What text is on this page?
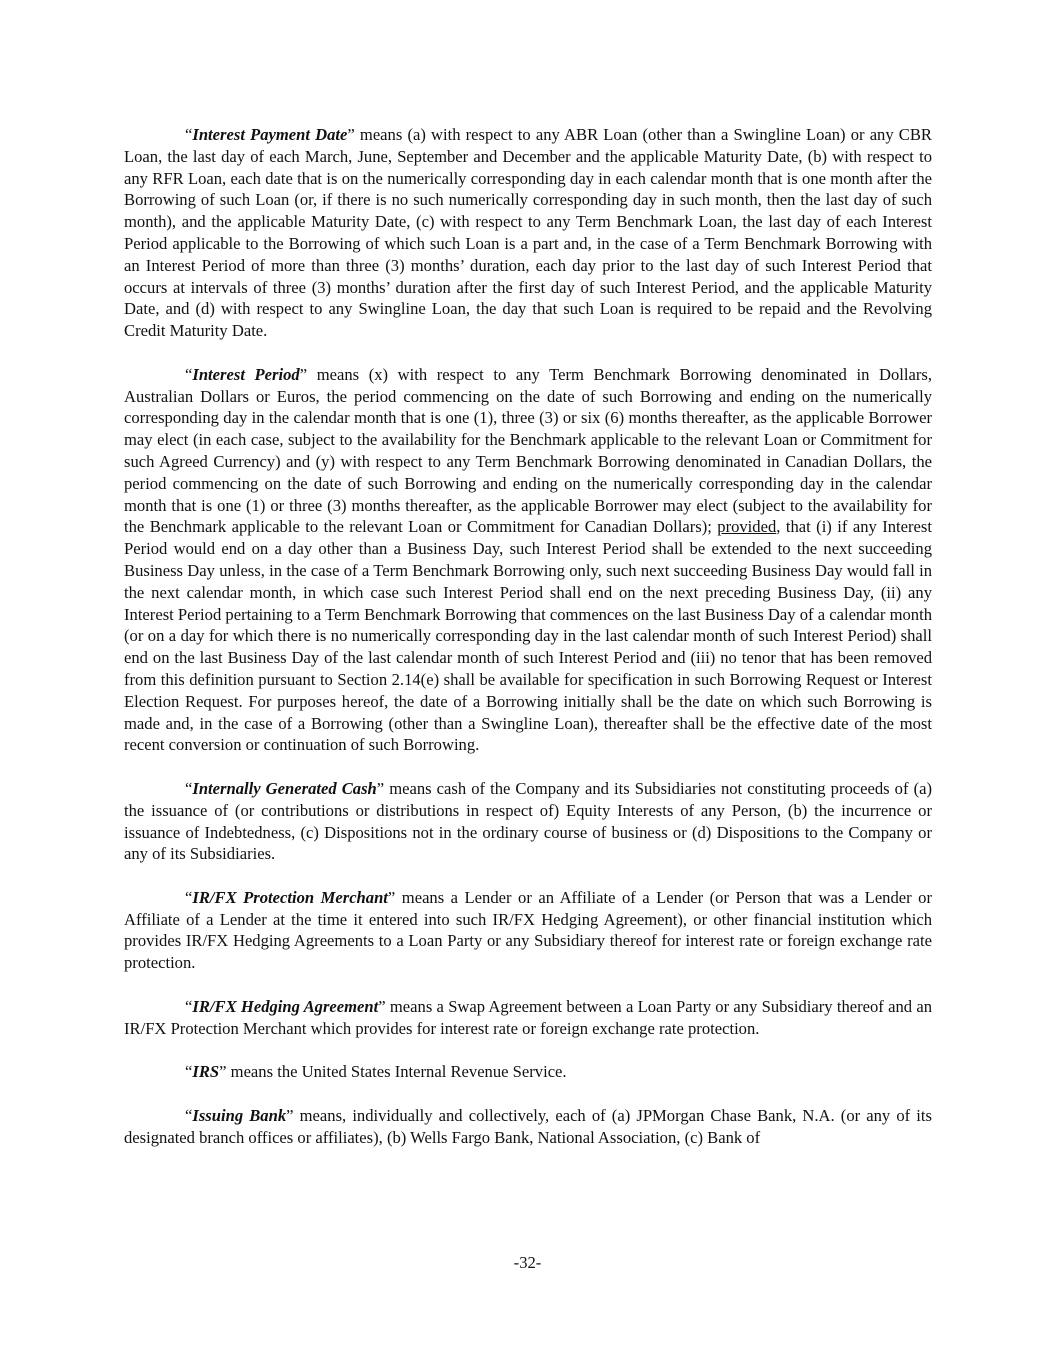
“Interest Payment Date” means (a) with respect to any ABR Loan (other than a Swingline Loan) or any CBR Loan, the last day of each March, June, September and December and the applicable Maturity Date, (b) with respect to any RFR Loan, each date that is on the numerically corresponding day in each calendar month that is one month after the Borrowing of such Loan (or, if there is no such numerically corresponding day in such month, then the last day of such month), and the applicable Maturity Date, (c) with respect to any Term Benchmark Loan, the last day of each Interest Period applicable to the Borrowing of which such Loan is a part and, in the case of a Term Benchmark Borrowing with an Interest Period of more than three (3) months’ duration, each day prior to the last day of such Interest Period that occurs at intervals of three (3) months’ duration after the first day of such Interest Period, and the applicable Maturity Date, and (d) with respect to any Swingline Loan, the day that such Loan is required to be repaid and the Revolving Credit Maturity Date.

“Interest Period” means (x) with respect to any Term Benchmark Borrowing denominated in Dollars, Australian Dollars or Euros, the period commencing on the date of such Borrowing and ending on the numerically corresponding day in the calendar month that is one (1), three (3) or six (6) months thereafter, as the applicable Borrower may elect (in each case, subject to the availability for the Benchmark applicable to the relevant Loan or Commitment for such Agreed Currency) and (y) with respect to any Term Benchmark Borrowing denominated in Canadian Dollars, the period commencing on the date of such Borrowing and ending on the numerically corresponding day in the calendar month that is one (1) or three (3) months thereafter, as the applicable Borrower may elect (subject to the availability for the Benchmark applicable to the relevant Loan or Commitment for Canadian Dollars); provided, that (i) if any Interest Period would end on a day other than a Business Day, such Interest Period shall be extended to the next succeeding Business Day unless, in the case of a Term Benchmark Borrowing only, such next succeeding Business Day would fall in the next calendar month, in which case such Interest Period shall end on the next preceding Business Day, (ii) any Interest Period pertaining to a Term Benchmark Borrowing that commences on the last Business Day of a calendar month (or on a day for which there is no numerically corresponding day in the last calendar month of such Interest Period) shall end on the last Business Day of the last calendar month of such Interest Period and (iii) no tenor that has been removed from this definition pursuant to Section 2.14(e) shall be available for specification in such Borrowing Request or Interest Election Request. For purposes hereof, the date of a Borrowing initially shall be the date on which such Borrowing is made and, in the case of a Borrowing (other than a Swingline Loan), thereafter shall be the effective date of the most recent conversion or continuation of such Borrowing.

“Internally Generated Cash” means cash of the Company and its Subsidiaries not constituting proceeds of (a) the issuance of (or contributions or distributions in respect of) Equity Interests of any Person, (b) the incurrence or issuance of Indebtedness, (c) Dispositions not in the ordinary course of business or (d) Dispositions to the Company or any of its Subsidiaries.

“IR/FX Protection Merchant” means a Lender or an Affiliate of a Lender (or Person that was a Lender or Affiliate of a Lender at the time it entered into such IR/FX Hedging Agreement), or other financial institution which provides IR/FX Hedging Agreements to a Loan Party or any Subsidiary thereof for interest rate or foreign exchange rate protection.

“IR/FX Hedging Agreement” means a Swap Agreement between a Loan Party or any Subsidiary thereof and an IR/FX Protection Merchant which provides for interest rate or foreign exchange rate protection.

“IRS” means the United States Internal Revenue Service.

“Issuing Bank” means, individually and collectively, each of (a) JPMorgan Chase Bank, N.A. (or any of its designated branch offices or affiliates), (b) Wells Fargo Bank, National Association, (c) Bank of

-32-
